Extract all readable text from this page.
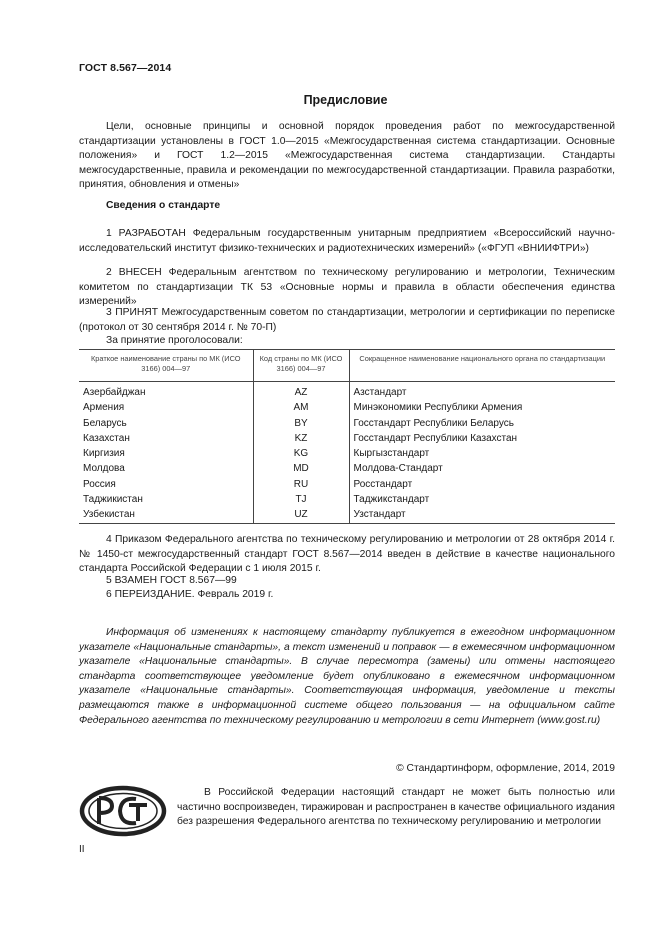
ГОСТ 8.567—2014
Предисловие
Цели, основные принципы и основной порядок проведения работ по межгосударственной стандартизации установлены в ГОСТ 1.0—2015 «Межгосударственная система стандартизации. Основные положения» и ГОСТ 1.2—2015 «Межгосударственная система стандартизации. Стандарты межгосударственные, правила и рекомендации по межгосударственной стандартизации. Правила разработки, принятия, обновления и отмены»
Сведения о стандарте
1 РАЗРАБОТАН Федеральным государственным унитарным предприятием «Всероссийский научно-исследовательский институт физико-технических и радиотехнических измерений» («ФГУП «ВНИИФТРИ»)
2 ВНЕСЕН Федеральным агентством по техническому регулированию и метрологии, Техническим комитетом по стандартизации ТК 53 «Основные нормы и правила в области обеспечения единства измерений»
3 ПРИНЯТ Межгосударственным советом по стандартизации, метрологии и сертификации по переписке (протокол от 30 сентября 2014 г. № 70-П)
За принятие проголосовали:
Краткое наименование страны по МК (ИСО 3166) 004—97	Код страны по МК (ИСО 3166) 004—97	Сокращенное наименование национального органа по стандартизации
Азербайджан	AZ	Азстандарт
Армения	AM	Минэкономики Республики Армения
Беларусь	BY	Госстандарт Республики Беларусь
Казахстан	KZ	Госстандарт Республики Казахстан
Киргизия	KG	Кыргызстандарт
Молдова	MD	Молдова-Стандарт
Россия	RU	Росстандарт
Таджикистан	TJ	Таджикстандарт
Узбекистан	UZ	Узстандарт
4 Приказом Федерального агентства по техническому регулированию и метрологии от 28 октября 2014 г. № 1450-ст межгосударственный стандарт ГОСТ 8.567—2014 введен в действие в качестве национального стандарта Российской Федерации с 1 июля 2015 г.
5 ВЗАМЕН ГОСТ 8.567—99
6 ПЕРЕИЗДАНИЕ. Февраль 2019 г.
Информация об изменениях к настоящему стандарту публикуется в ежегодном информационном указателе «Национальные стандарты», а текст изменений и поправок — в ежемесячном информационном указателе «Национальные стандарты». В случае пересмотра (замены) или отмены настоящего стандарта соответствующее уведомление будет опубликовано в ежемесячном информационном указателе «Национальные стандарты». Соответствующая информация, уведомление и тексты размещаются также в информационной системе общего пользования — на официальном сайте Федерального агентства по техническому регулированию и метрологии в сети Интернет (www.gost.ru)
© Стандартинформ, оформление, 2014, 2019
В Российской Федерации настоящий стандарт не может быть полностью или частично воспроизведен, тиражирован и распространен в качестве официального издания без разрешения Федерального агентства по техническому регулированию и метрологии
II
